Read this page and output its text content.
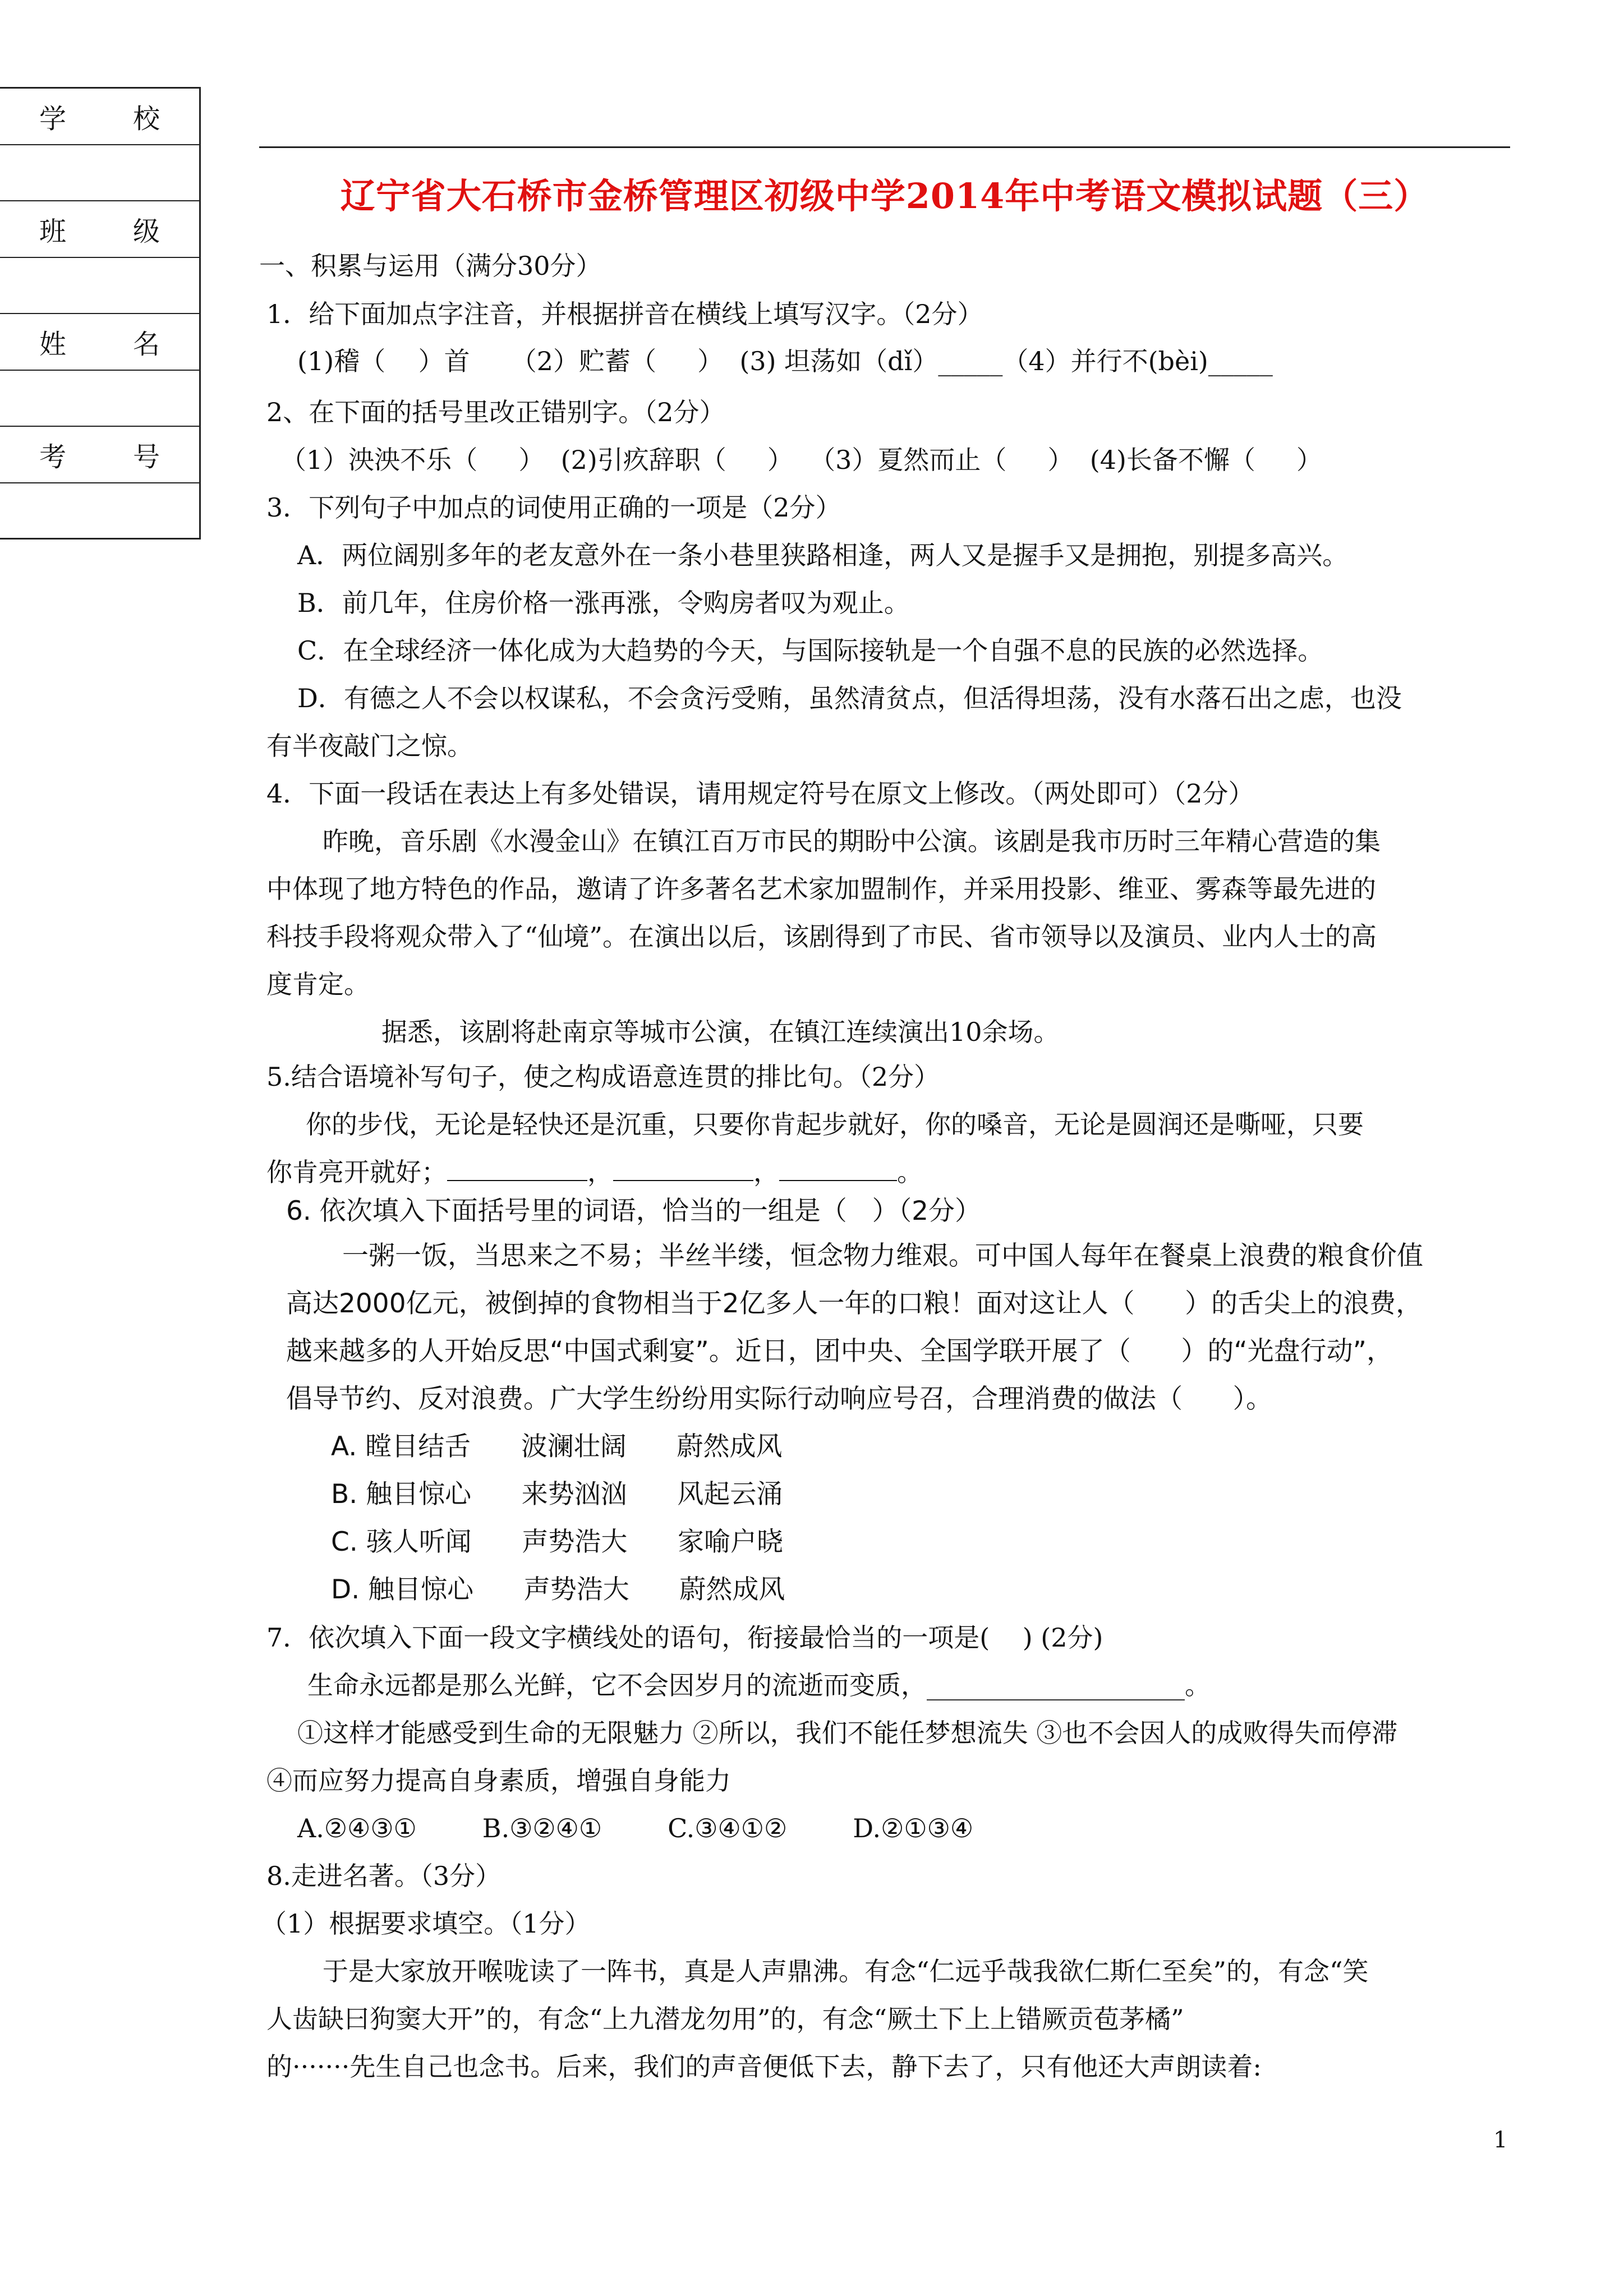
学 校
班 级
姓 名
考 号
辽宁省大石桥市金桥管理区初级中学2014年中考语文模拟试题（三）
一、积累与运用（满分30分）
1．给下面加点字注音，并根据拼音在横线上填写汉字。（2分）
(1)稽（    ）首     （2）贮蓄（     ）  (3) 坦荡如（dǐ）_____（4）并行不(bèi)_____
2、在下面的括号里改正错别字。（2分）
（1）泱泱不乐（     ）  (2)引疚辞职（     ）  （3）夏然而止（     ）  (4)长备不懈（     ）
3．下列句子中加点的词使用正确的一项是（2分）
A．两位阔别多年的老友意外在一条小巷里狭路相逢，两人又是握手又是拥抱，别提多高兴。
B．前几年，住房价格一涨再涨，令购房者叹为观止。
C．在全球经济一体化成为大趋势的今天，与国际接轨是一个自强不息的民族的必然选择。
D．有德之人不会以权谋私，不会贪污受贿，虽然清贫点，但活得坦荡，没有水落石出之虑，也没
有半夜敲门之惊。
4．下面一段话在表达上有多处错误，请用规定符号在原文上修改。（两处即可）（2分）
昨晚，音乐剧《水漫金山》在镇江百万市民的期盼中公演。该剧是我市历时三年精心营造的集
中体现了地方特色的作品，邀请了许多著名艺术家加盟制作，并采用投影、维亚、雾森等最先进的
科技手段将观众带入了“仙境”。在演出以后，该剧得到了市民、省市领导以及演员、业内人士的高
度肯定。
据悉，该剧将赴南京等城市公演，在镇江连续演出10余场。
5.结合语境补写句子，使之构成语意连贯的排比句。（2分）
你的步伐，无论是轻快还是沉重，只要你肯起步就好，你的嗓音，无论是圆润还是嘶哑，只要
你肯亮开就好；	，	，	。
6. 依次填入下面括号里的词语，恰当的一组是（   ）（2分）
一粥一饭，当思来之不易；半丝半缕，恒念物力维艰。可中国人每年在餐桌上浪费的粮食价值
高达2000亿元，被倒掉的食物相当于2亿多人一年的口粮！面对这让人（      ）的舌尖上的浪费，
越来越多的人开始反思“中国式剩宴”。近日，团中央、全国学联开展了（      ）的“光盘行动”，
倡导节约、反对浪费。广大学生纷纷用实际行动响应号召，合理消费的做法（      ）。
A. 瞠目结舌      波澜壮阔      蔚然成风
B. 触目惊心      来势汹汹      风起云涌
C. 骇人听闻      声势浩大      家喻户晓
D. 触目惊心      声势浩大      蔚然成风
7．依次填入下面一段文字横线处的语句，衔接最恰当的一项是(    ) (2分)
生命永远都是那么光鲜，它不会因岁月的流逝而变质，____________________。
①这样才能感受到生命的无限魅力 ②所以，我们不能任梦想流失 ③也不会因人的成败得失而停滞
④而应努力提高自身素质，增强自身能力
A.②④③①        B.③②④①        C.③④①②        D.②①③④
8.走进名著。（3分）
（1）根据要求填空。（1分）
于是大家放开喉咙读了一阵书，真是人声鼎沸。有念“仁远乎哉我欲仁斯仁至矣”的，有念“笑
人齿缺曰狗窦大开”的，有念“上九潜龙勿用”的，有念“厥土下上上错厥贡苞茅橘”
的·······先生自己也念书。后来，我们的声音便低下去，静下去了，只有他还大声朗读着:
1
